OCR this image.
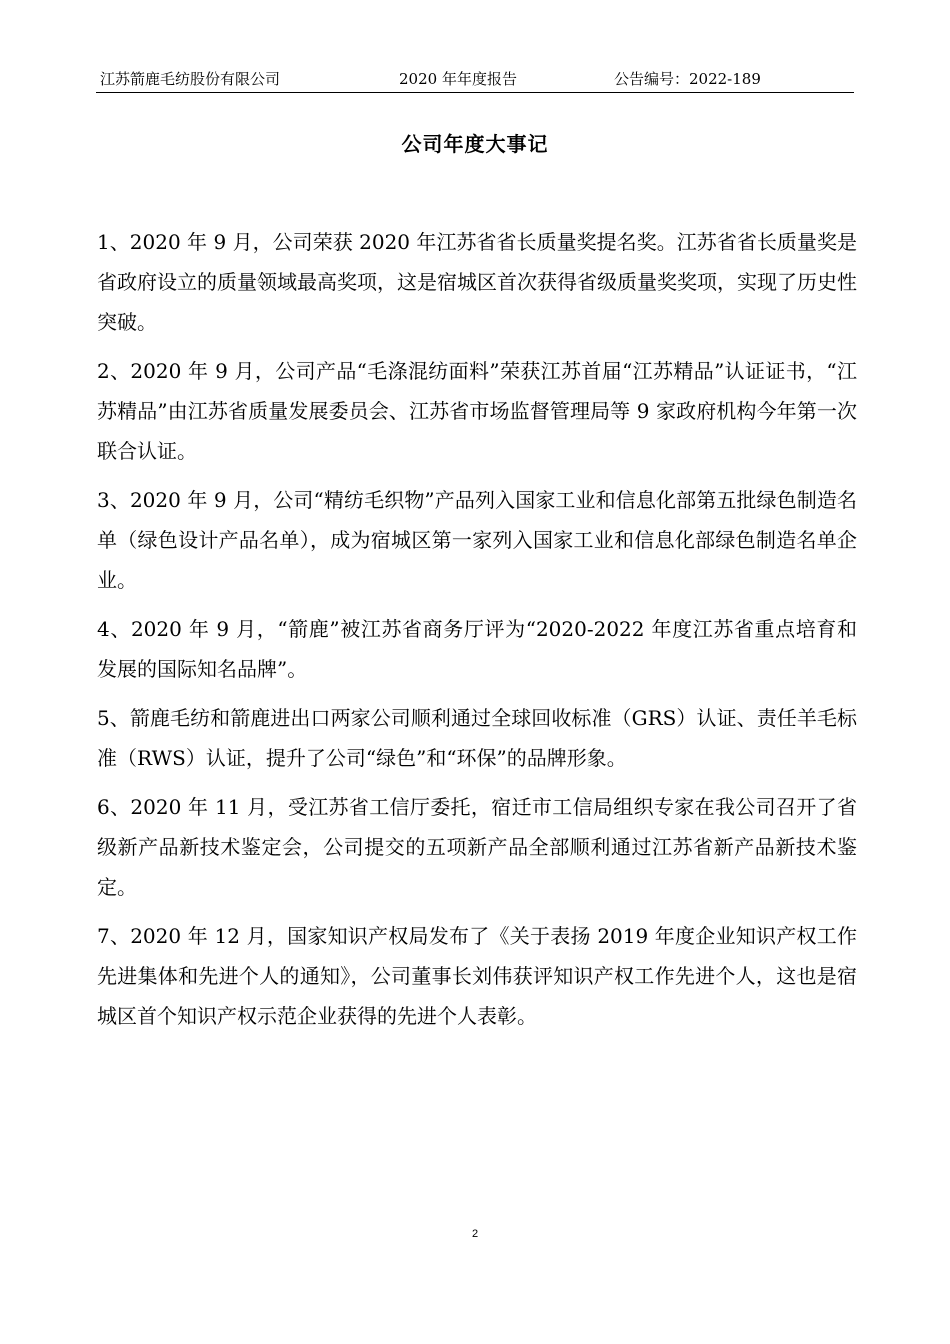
江苏箭鹿毛纺股份有限公司	2020 年年度报告	公告编号：2022-189
公司年度大事记

1、2020 年 9 月，公司荣获 2020 年江苏省省长质量奖提名奖。江苏省省长质量奖是省政府设立的质量领域最高奖项，这是宿城区首次获得省级质量奖奖项，实现了历史性突破。

2、2020 年 9 月，公司产品“毛涤混纺面料”荣获江苏首届“江苏精品”认证证书，“江苏精品”由江苏省质量发展委员会、江苏省市场监督管理局等 9 家政府机构今年第一次联合认证。

3、2020 年 9 月，公司“精纺毛织物”产品列入国家工业和信息化部第五批绿色制造名单（绿色设计产品名单），成为宿城区第一家列入国家工业和信息化部绿色制造名单企业。

4、2020 年 9 月，“箭鹿”被江苏省商务厅评为“2020-2022 年度江苏省重点培育和发展的国际知名品牌”。

5、箭鹿毛纺和箭鹿进出口两家公司顺利通过全球回收标准（GRS）认证、责任羊毛标准（RWS）认证，提升了公司“绿色”和“环保”的品牌形象。

6、2020 年 11 月，受江苏省工信厅委托，宿迁市工信局组织专家在我公司召开了省级新产品新技术鉴定会，公司提交的五项新产品全部顺利通过江苏省新产品新技术鉴定。

7、2020 年 12 月，国家知识产权局发布了《关于表扬 2019 年度企业知识产权工作先进集体和先进个人的通知》，公司董事长刘伟获评知识产权工作先进个人，这也是宿城区首个知识产权示范企业获得的先进个人表彰。

2
